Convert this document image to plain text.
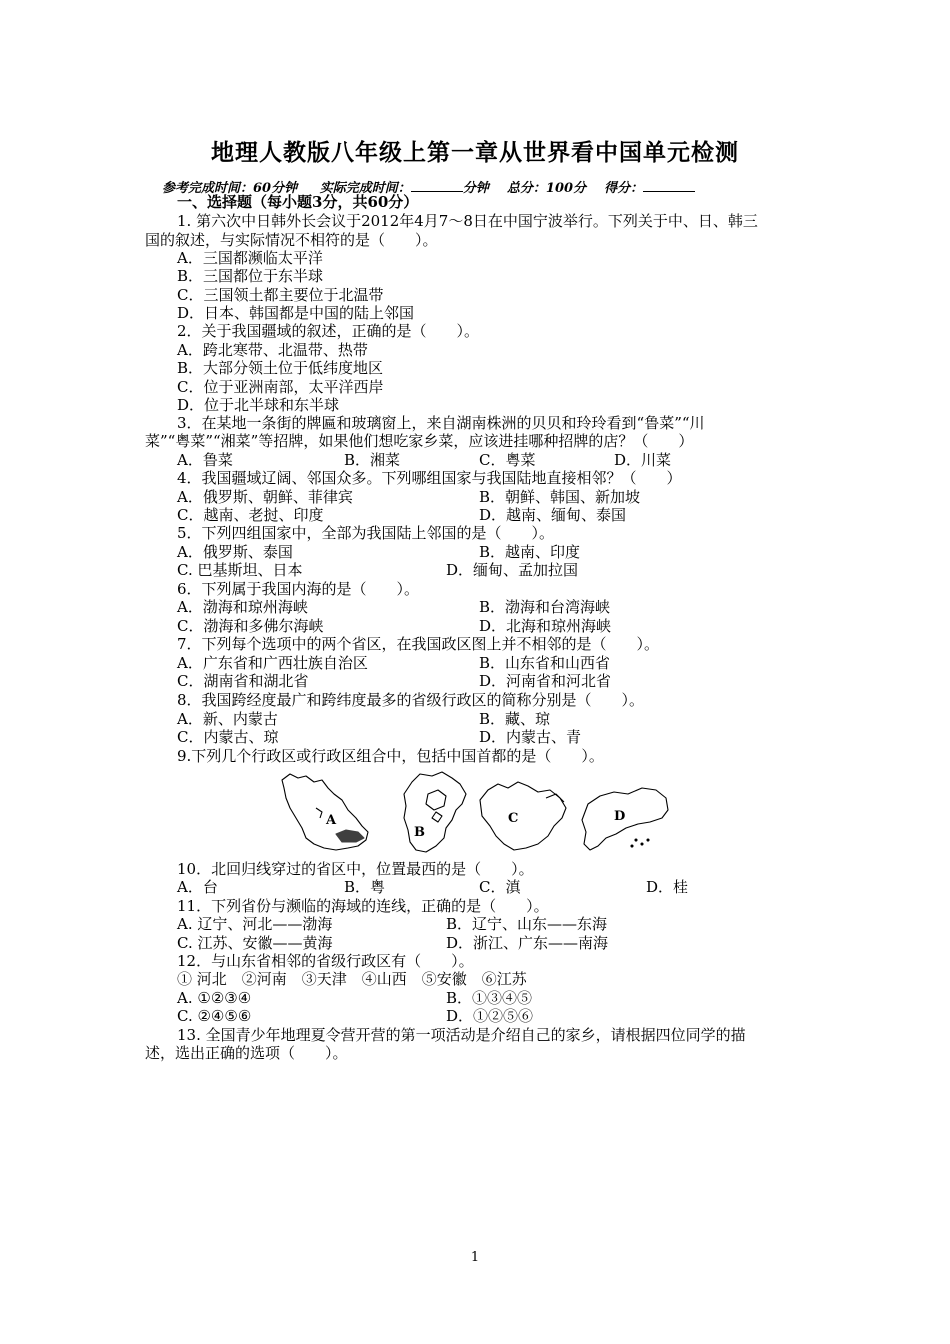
地理人教版八年级上第一章从世界看中国单元检测
参考完成时间：60分钟 实际完成时间：	分钟 总分：100分 得分：
一、选择题（每小题3分，共60分）
1. 第六次中日韩外长会议于2012年4月7～8日在中国宁波举行。下列关于中、日、韩三
国的叙述，与实际情况不相符的是（　　）。
A．三国都濒临太平洋
B．三国都位于东半球
C．三国领土都主要位于北温带
D．日本、韩国都是中国的陆上邻国
2．关于我国疆域的叙述，正确的是（　　）。
A．跨北寒带、北温带、热带
B．大部分领土位于低纬度地区
C．位于亚洲南部，太平洋西岸
D．位于北半球和东半球
3．在某地一条街的牌匾和玻璃窗上，来自湖南株洲的贝贝和玲玲看到“鲁菜”“川
菜”“粤菜”“湘菜”等招牌，如果他们想吃家乡菜，应该进挂哪种招牌的店？（　　）
A．鲁菜	B．湘菜	C．粤菜	D．川菜
4．我国疆域辽阔、邻国众多。下列哪组国家与我国陆地直接相邻？（　　）
A．俄罗斯、朝鲜、菲律宾	B．朝鲜、韩国、新加坡
C．越南、老挝、印度	D．越南、缅甸、泰国
5．下列四组国家中，全部为我国陆上邻国的是（　　）。
A．俄罗斯、泰国	B．越南、印度
C. 巴基斯坦、日本	D．缅甸、孟加拉国
6．下列属于我国内海的是（　　）。
A．渤海和琼州海峡	B．渤海和台湾海峡
C．渤海和多佛尔海峡	D．北海和琼州海峡
7．下列每个选项中的两个省区，在我国政区图上并不相邻的是（　　）。
A．广东省和广西壮族自治区	B．山东省和山西省
C．湖南省和湖北省	D．河南省和河北省
8．我国跨经度最广和跨纬度最多的省级行政区的简称分别是（　　）。
A．新、内蒙古	B．藏、琼
C．内蒙古、琼	D．内蒙古、青
9.下列几个行政区或行政区组合中，包括中国首都的是（　　）。
A
B
C	D
10．北回归线穿过的省区中，位置最西的是（　　）。
A．台	B．粤	C．滇	D．桂
11．下列省份与濒临的海域的连线，正确的是（　　）。
A. 辽宁、河北——渤海	B．辽宁、山东——东海
C. 江苏、安徽——黄海	D．浙江、广东——南海
12．与山东省相邻的省级行政区有（　　）。
① 河北　②河南　③天津　④山西　⑤安徽　⑥江苏
A. ①②③④	B．①③④⑤
C. ②④⑤⑥	D．①②⑤⑥
13. 全国青少年地理夏令营开营的第一项活动是介绍自己的家乡，请根据四位同学的描
述，选出正确的选项（　　）。
1
